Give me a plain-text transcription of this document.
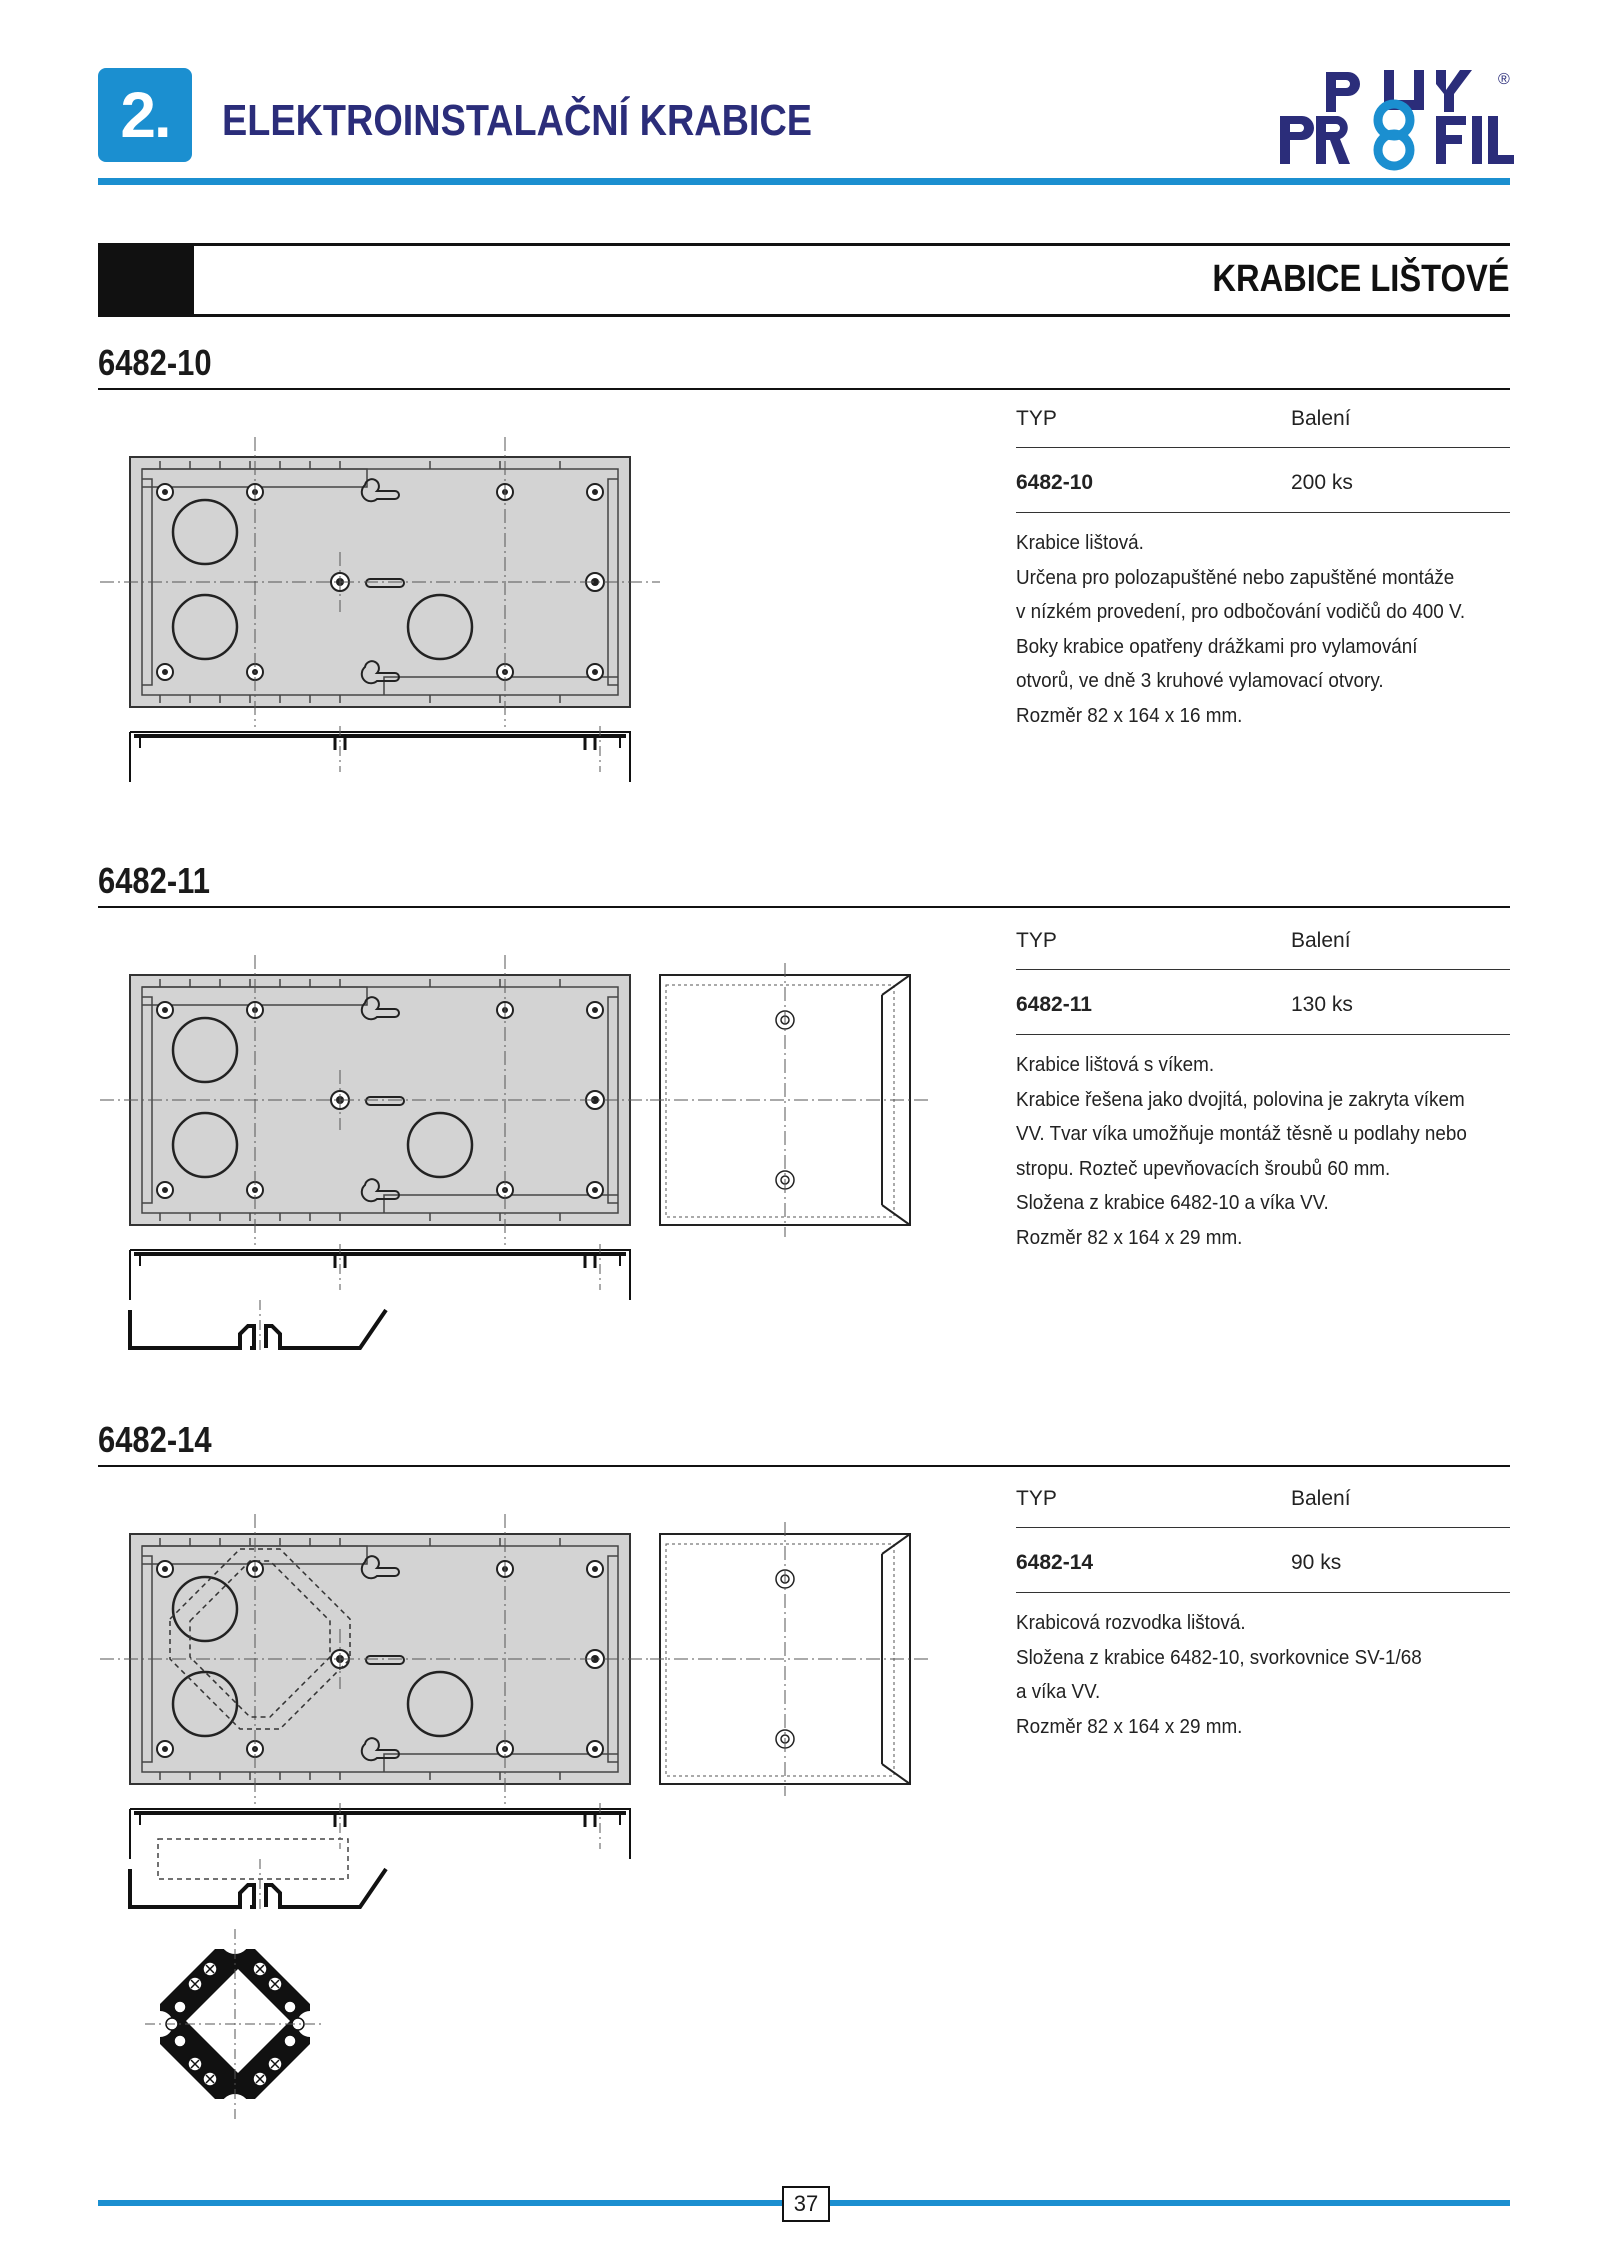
2.	ELEKTROINSTALAČNÍ KRABICE
®
KRABICE LIŠTOVÉ
6482-10
TYP	Balení
6482-10	200 ks
Krabice lištová.
Určena pro polozapuštěné nebo zapuštěné montáže
v nízkém provedení, pro odbočování vodičů do 400 V.
Boky krabice opatřeny drážkami pro vylamování
otvorů, ve dně 3 kruhové vylamovací otvory.
Rozměr 82 x 164 x 16 mm.
6482-11
TYP	Balení
6482-11	130 ks
Krabice lištová s víkem.
Krabice řešena jako dvojitá, polovina je zakryta víkem
VV. Tvar víka umožňuje montáž těsně u podlahy nebo
stropu. Rozteč upevňovacích šroubů 60 mm.
Složena z krabice 6482-10 a víka VV.
Rozměr 82 x 164 x 29 mm.
6482-14
TYP	Balení
6482-14	90 ks
Krabicová rozvodka lištová.
Složena z krabice 6482-10, svorkovnice SV-1/68
a víka VV.
Rozměr 82 x 164 x 29 mm.
37
